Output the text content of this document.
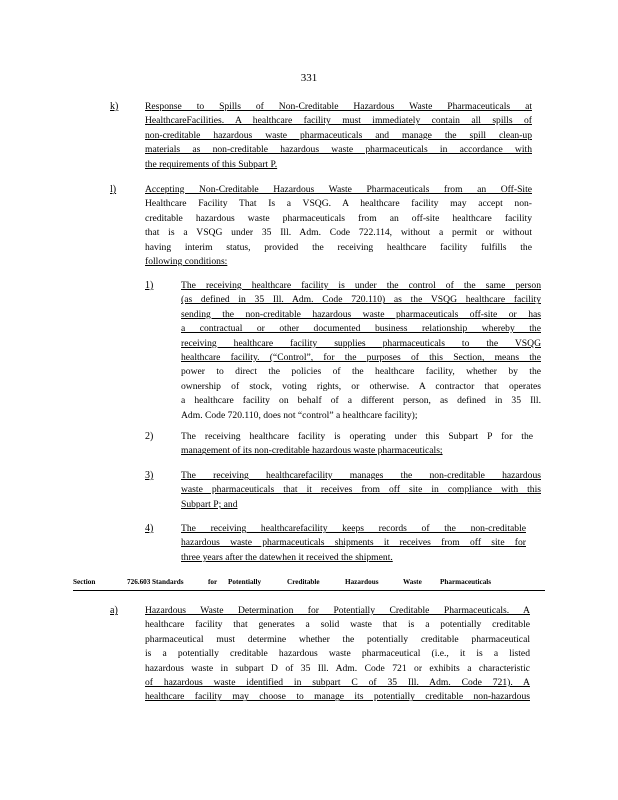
331
k)	Response to Spills of Non-Creditable Hazardous Waste Pharmaceuticals at
HealthcareFacilities. A healthcare facility must immediately contain all spills of
non-creditable hazardous waste pharmaceuticals and manage the spill clean-up
materials as non-creditable hazardous waste pharmaceuticals in accordance with
the requirements of this Subpart P.
l)	Accepting Non-Creditable Hazardous Waste Pharmaceuticals from an Off-Site
Healthcare Facility That Is a VSQG. A healthcare facility may accept non-
creditable hazardous waste pharmaceuticals from an off-site healthcare facility
that is a VSQG under 35 Ill. Adm. Code 722.114, without a permit or without
having interim status, provided the receiving healthcare facility fulfills the
following conditions:
1)	The receiving healthcare facility is under the control of the same person
(as defined in 35 Ill. Adm. Code 720.110) as the VSQG healthcare facility
sending the non-creditable hazardous waste pharmaceuticals off-site or has
a contractual or other documented business relationship whereby the
receiving healthcare facility supplies pharmaceuticals to the VSQG
healthcare facility. (“Control”, for the purposes of this Section, means the
power to direct the policies of the healthcare facility, whether by the
ownership of stock, voting rights, or otherwise. A contractor that operates
a healthcare facility on behalf of a different person, as defined in 35 Ill.
Adm. Code 720.110, does not “control” a healthcare facility);
2)	The receiving healthcare facility is operating under this Subpart P for the
management of its non-creditable hazardous waste pharmaceuticals;
3)	The receiving healthcarefacility manages the non-creditable hazardous
waste pharmaceuticals that it receives from off site in compliance with this
Subpart P; and
4)	The receiving healthcarefacility keeps records of the non-creditable
hazardous waste pharmaceuticals shipments it receives from off site for
three years after the datewhen it received the shipment.
Section	726.603 Standards	for Potentially	Creditable	Hazardous	Waste	Pharmaceuticals
a)	Hazardous Waste Determination for Potentially Creditable Pharmaceuticals. A
healthcare facility that generates a solid waste that is a potentially creditable
pharmaceutical must determine whether the potentially creditable pharmaceutical
is a potentially creditable hazardous waste pharmaceutical (i.e., it is a listed
hazardous waste in subpart D of 35 Ill. Adm. Code 721 or exhibits a characteristic
of hazardous waste identified in subpart C of 35 Ill. Adm. Code 721). A
healthcare facility may choose to manage its potentially creditable non-hazardous
